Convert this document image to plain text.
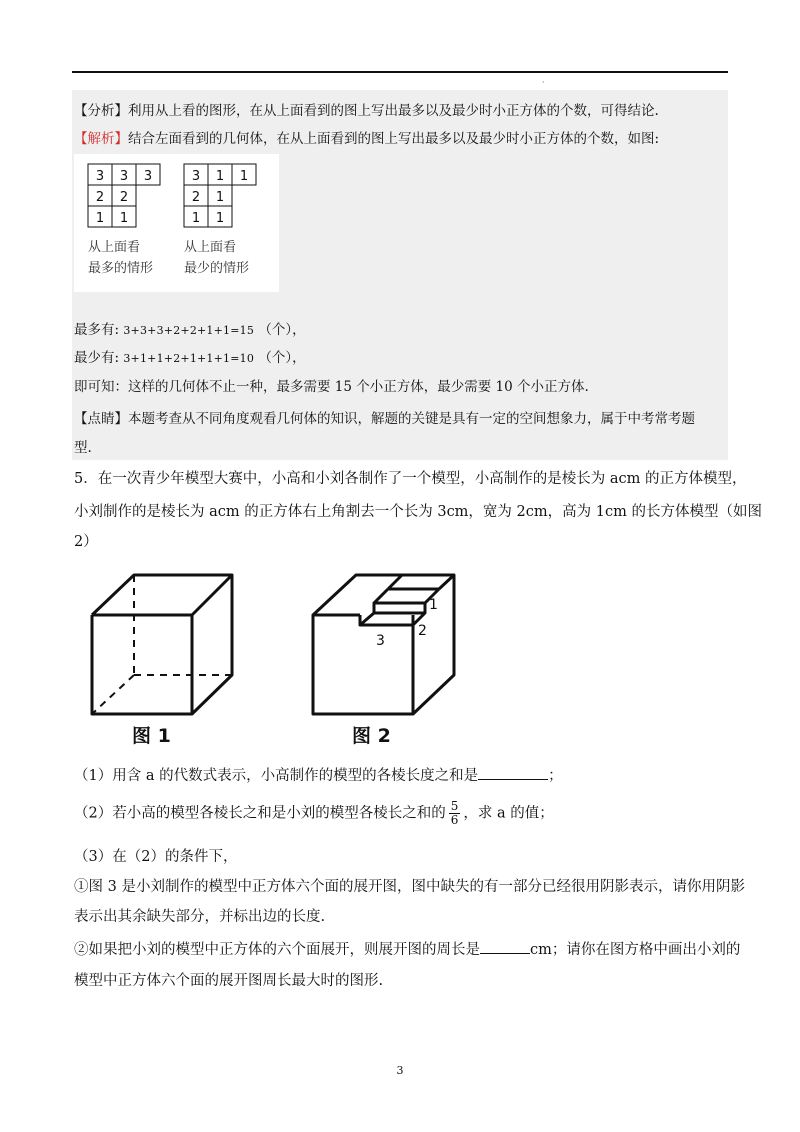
·
【分析】利用从上看的图形，在从上面看到的图上写出最多以及最少时小正方体的个数，可得结论.
【解析】结合左面看到的几何体，在从上面看到的图上写出最多以及最少时小正方体的个数，如图:
3 3 3
2 2
1 1
3 1 1
2 1
1 1
从上面看
最多的情形
从上面看
最少的情形
最多有: 3+3+3+2+2+1+1=15 （个），
最少有: 3+1+1+2+1+1+1=10 （个），
即可知：这样的几何体不止一种，最多需要 15 个小正方体，最少需要 10 个小正方体.
【点睛】本题考查从不同角度观看几何体的知识，解题的关键是具有一定的空间想象力，属于中考常考题
型.
5．在一次青少年模型大赛中，小高和小刘各制作了一个模型，小高制作的是棱长为 acm 的正方体模型，
小刘制作的是棱长为 acm 的正方体右上角割去一个长为 3cm，宽为 2cm，高为 1cm 的长方体模型（如图
2）
1
2
3
图 1	图 2
（1）用含 a 的代数式表示，小高制作的模型的各棱长度之和是	；
（2）若小高的模型各棱长之和是小刘的模型各棱长之和的 $\frac{5}{6}$ ，求 a 的值；
（3）在（2）的条件下，
①图 3 是小刘制作的模型中正方体六个面的展开图，图中缺失的有一部分已经很用阴影表示，请你用阴影
表示出其余缺失部分，并标出边的长度.
②如果把小刘的模型中正方体的六个面展开，则展开图的周长是	cm；请你在图方格中画出小刘的
模型中正方体六个面的展开图周长最大时的图形.
3
